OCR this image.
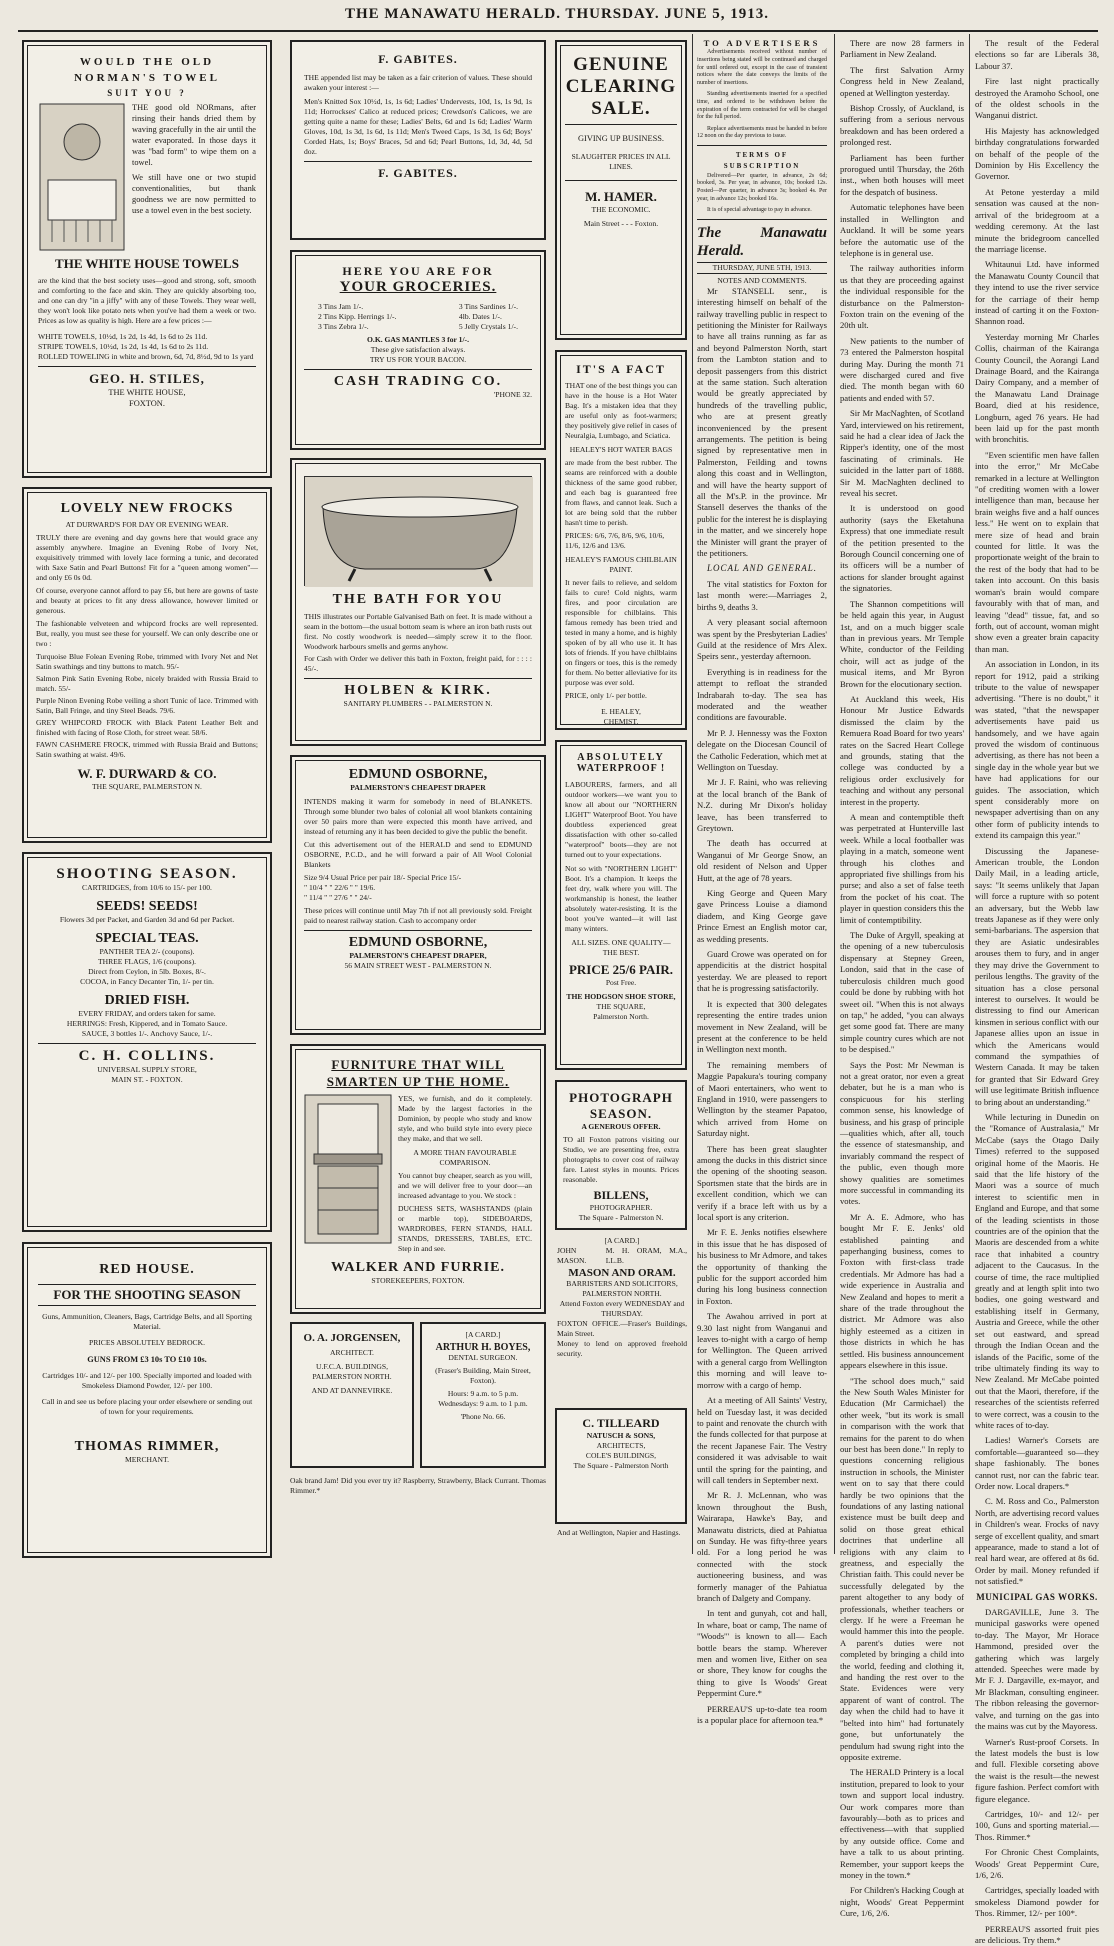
THE MANAWATU HERALD. THURSDAY. JUNE 5, 1913.
WOULD THE OLD
NORMAN'S TOWEL
SUIT YOU ?
THE good old NORmans, after rinsing their hands dried them by waving gracefully in the air until the water evaporated. In those days it was "bad form" to wipe them on a towel.
We still have one or two stupid conventionalities, but thank goodness we are now permitted to use a towel even in the best society.
THE WHITE HOUSE TOWELS
are the kind that the best society uses—good and strong, soft, smooth and comforting to the face and skin. They are quickly absorbing too, and one can dry "in a jiffy" with any of these Towels. They wear well, they won't look like potato nets when you've had them a week or two. Prices as low as quality is high. Here are a few prices :—
WHITE TOWELS, 10½d, 1s 2d, 1s 4d, 1s 6d to 2s 11d.
STRIPE TOWELS, 10½d, 1s 2d, 1s 4d, 1s 6d to 2s 11d.
ROLLED TOWELING in white and brown, 6d, 7d, 8½d, 9d to 1s yard
GEO. H. STILES,
THE WHITE HOUSE,
FOXTON.
LOVELY NEW FROCKS
AT DURWARD'S FOR DAY OR EVENING WEAR.
TRULY there are evening and day gowns here that would grace any assembly anywhere. Imagine an Evening Robe of Ivory Net, exquisitively trimmed with lovely lace forming a tunic, and decorated with Saxe Satin and Pearl Buttons! Fit for a "queen among women"—and only £6 0s 0d.
Of course, everyone cannot afford to pay £6, but here are gowns of taste and beauty at prices to fit any dress allowance, however limited or generous.
The fashionable velveteen and whipcord frocks are well represented. But, really, you must see these for yourself. We can only describe one or two :
Turquoise Blue Folean Evening Robe, trimmed with Ivory Net and Net Satin swathings and tiny buttons to match. 95/-
Salmon Pink Satin Evening Robe, nicely braided with Russia Braid to match. 55/-
Purple Ninon Evening Robe veiling a short Tunic of lace. Trimmed with Satin, Ball Fringe, and tiny Steel Beads. 79/6.
GREY WHIPCORD FROCK with Black Patent Leather Belt and finished with facing of Rose Cloth, for street wear. 58/6.
FAWN CASHMERE FROCK, trimmed with Russia Braid and Buttons; Satin swathing at waist. 49/6.
W. F. DURWARD & CO.
THE SQUARE, PALMERSTON N.
SHOOTING SEASON.
CARTRIDGES, from 10/6 to 15/- per 100.
SEEDS! SEEDS!
Flowers 3d per Packet, and Garden 3d and 6d per Packet.
SPECIAL TEAS.
PANTHER TEA 2/- (coupons).
THREE FLAGS, 1/6 (coupons).
Direct from Ceylon, in 5lb. Boxes, 8/-.
COCOA, in Fancy Decanter Tin, 1/- per tin.
DRIED FISH.
EVERY FRIDAY, and orders taken for same.
HERRINGS: Fresh, Kippered, and in Tomato Sauce.
SAUCE, 3 bottles 1/-. Anchovy Sauce, 1/-.
C. H. COLLINS.
UNIVERSAL SUPPLY STORE,
MAIN ST. - FOXTON.
RED HOUSE.
FOR THE SHOOTING SEASON
Guns, Ammunition, Cleaners, Bags, Cartridge Belts, and all Sporting Material.
PRICES ABSOLUTELY BEDROCK.
GUNS FROM £3 10s TO £10 10s.
Cartridges 10/- and 12/- per 100. Specially imported and loaded with Smokeless Diamond Powder, 12/- per 100.
Call in and see us before placing your order elsewhere or sending out of town for your requirements.
THOMAS RIMMER,
MERCHANT.
F. GABITES.
THE appended list may be taken as a fair criterion of values. These should awaken your interest :—
Men's Knitted Sox 10½d, 1s, 1s 6d; Ladies' Undervests, 10d, 1s, 1s 9d, 1s 11d; Horrockses' Calico at reduced prices; Crewdson's Calicoes, we are getting quite a name for these; Ladies' Belts, 6d and 1s 6d; Ladies' Warm Gloves, 10d, 1s 3d, 1s 6d, 1s 11d; Men's Tweed Caps, 1s 3d, 1s 6d; Boys' Corded Hats, 1s; Boys' Braces, 5d and 6d; Pearl Buttons, 1d, 3d, 4d, 5d doz.
F. GABITES.
HERE YOU ARE FOR
YOUR GROCERIES.
3 Tins Jam 1/-.
2 Tins Kipp. Herrings 1/-.
3 Tins Zebra 1/-.
3 Tins Sardines 1/-.
4lb. Dates 1/-.
5 Jelly Crystals 1/-.
O.K. GAS MANTLES 3 for 1/-.
These give satisfaction always.
TRY US FOR YOUR BACON.
CASH TRADING CO.
'PHONE 32.
THE BATH FOR YOU
THIS illustrates our Portable Galvanised Bath on feet. It is made without a seam in the bottom—the usual bottom seam is where an iron bath rusts out first. No costly woodwork is needed—simply screw it to the floor. Woodwork harbours smells and germs anyhow.
For Cash with Order we deliver this bath in Foxton, freight paid, for : : : : 45/-.
HOLBEN & KIRK.
SANITARY PLUMBERS - - PALMERSTON N.
EDMUND OSBORNE,
PALMERSTON'S CHEAPEST DRAPER
INTENDS making it warm for somebody in need of BLANKETS. Through some blunder two bales of colonial all wool blankets containing over 50 pairs more than were expected this month have arrived, and instead of returning any it has been decided to give the public the benefit.
Cut this advertisement out of the HERALD and send to EDMUND OSBORNE, P.C.D., and he will forward a pair of All Wool Colonial Blankets
Size 9/4 Usual Price per pair 18/- Special Price 15/-
" 10/4 " " 22/6 " " 19/6.
" 11/4 " " 27/6 " " 24/-
These prices will continue until May 7th if not all previously sold. Freight paid to nearest railway station. Cash to accompany order
EDMUND OSBORNE,
PALMERSTON'S CHEAPEST DRAPER,
56 MAIN STREET WEST - PALMERSTON N.
FURNITURE THAT WILL SMARTEN UP THE HOME.
YES, we furnish, and do it completely. Made by the largest factories in the Dominion, by people who study and know style, and who build style into every piece they make, and that we sell.
A MORE THAN FAVOURABLE COMPARISON.
You cannot buy cheaper, search as you will, and we will deliver free to your door—an increased advantage to you. We stock :
DUCHESS SETS, WASHSTANDS (plain or marble top), SIDEBOARDS, WARDROBES, FERN STANDS, HALL STANDS, DRESSERS, TABLES, ETC. Step in and see.
WALKER AND FURRIE.
STOREKEEPERS, FOXTON.
O. A. JORGENSEN,
ARCHITECT.
U.F.C.A. BUILDINGS, PALMERSTON NORTH.
AND AT DANNEVIRKE.
[A CARD.]
ARTHUR H. BOYES,
DENTAL SURGEON.
(Fraser's Building, Main Street, Foxton).
Hours: 9 a.m. to 5 p.m. Wednesdays: 9 a.m. to 1 p.m.
'Phone No. 66.
Oak brand Jam! Did you ever try it? Raspberry, Strawberry, Black Currant. Thomas Rimmer.*
GENUINE
CLEARING
SALE.
GIVING UP BUSINESS.
SLAUGHTER PRICES IN ALL LINES.
M. HAMER.
THE ECONOMIC.
Main Street - - - Foxton.
IT'S A FACT
THAT one of the best things you can have in the house is a Hot Water Bag. It's a mistaken idea that they are useful only as foot-warmers; they positively give relief in cases of Neuralgia, Lumbago, and Sciatica.
HEALEY'S HOT WATER BAGS
are made from the best rubber. The seams are reinforced with a double thickness of the same good rubber, and each bag is guaranteed free from flaws, and cannot leak. Such a lot are being sold that the rubber hasn't time to perish.
PRICES: 6/6, 7/6, 8/6, 9/6, 10/6, 11/6, 12/6 and 13/6.
HEALEY'S FAMOUS CHILBLAIN PAINT.
It never fails to relieve, and seldom fails to cure! Cold nights, warm fires, and poor circulation are responsible for chilblains. This famous remedy has been tried and tested in many a home, and is highly spoken of by all who use it. It has lots of friends. If you have chilblains on fingers or toes, this is the remedy for them. No better alleviative for its purpose was ever sold.
PRICE, only 1/- per bottle.
E. HEALEY,
CHEMIST.
ABSOLUTELY
WATERPROOF !
LABOURERS, farmers, and all outdoor workers—we want you to know all about our "NORTHERN LIGHT" Waterproof Boot. You have doubtless experienced great dissatisfaction with other so-called "waterproof" boots—they are not turned out to your expectations.
Not so with "NORTHERN LIGHT" Boot. It's a champion. It keeps the feet dry, walk where you will. The workmanship is honest, the leather absolutely water-resisting. It is the boot you've wanted—it will last many winters.
ALL SIZES. ONE QUALITY—THE BEST.
PRICE 25/6 PAIR.
Post Free.
THE HODGSON SHOE STORE,
THE SQUARE,
Palmerston North.
PHOTOGRAPH
SEASON.
A GENEROUS OFFER.
TO all Foxton patrons visiting our Studio, we are presenting free, extra photographs to cover cost of railway fare. Latest styles in mounts. Prices reasonable.
BILLENS,
PHOTOGRAPHER.
The Square - Palmerston N.
[A CARD.]
JOHN MASON.
M. H. ORAM, M.A., LL.B.
MASON AND ORAM.
BARRISTERS AND SOLICITORS, PALMERSTON NORTH.
Attend Foxton every WEDNESDAY and THURSDAY.
FOXTON OFFICE.—Fraser's Buildings, Main Street.
Money to lend on approved freehold security.
C. TILLEARD
NATUSCH & SONS,
ARCHITECTS,
COLE'S BUILDINGS,
The Square - Palmerston North
And at Wellington, Napier and Hastings.
TO ADVERTISERS

Advertisements received without number of insertions being stated will be continued and charged for until ordered out, except in the case of transient notices where the date conveys the limits of the number of insertions.

Standing advertisements inserted for a specified time, and ordered to be withdrawn before the expiration of the term contracted for will be charged for the full period.

Replace advertisements must be handed in before 12 noon on the day previous to issue.

TERMS OF SUBSCRIPTION

Delivered—Per quarter, in advance, 2s 6d; booked, 3s. Per year, in advance, 10s; booked 12s. Posted—Per quarter, in advance 3s; booked 4s. Per year, in advance 12s; booked 16s.

It is of special advantage to pay in advance.

The Manawatu Herald.
THURSDAY, JUNE 5TH, 1913.
NOTES AND COMMENTS.

Mr STANSELL senr., is interesting himself on behalf of the railway travelling public in respect to petitioning the Minister for Railways to have all trains running as far as and beyond Palmerston North, start from the Lambton station and to deposit passengers from this district at the same station. Such alteration would be greatly appreciated by hundreds of the travelling public, who are at present greatly inconvenienced by the present arrangements. The petition is being signed by representative men in Palmerston, Feilding and towns along this coast and in Wellington, and will have the hearty support of all the M's.P. in the province. Mr Stansell deserves the thanks of the public for the interest he is displaying in the matter, and we sincerely hope the Minister will grant the prayer of the petitioners.

LOCAL AND GENERAL.

The vital statistics for Foxton for last month were:—Marriages 2, births 9, deaths 3.

A very pleasant social afternoon was spent by the Presbyterian Ladies' Guild at the residence of Mrs Alex. Speirs senr., yesterday afternoon.

Everything is in readiness for the attempt to refloat the stranded Indrabarah to-day. The sea has moderated and the weather conditions are favourable.

Mr P. J. Hennessy was the Foxton delegate on the Diocesan Council of the Catholic Federation, which met at Wellington on Tuesday.

Mr J. F. Raini, who was relieving at the local branch of the Bank of N.Z. during Mr Dixon's holiday leave, has been transferred to Greytown.

The death has occurred at Wanganui of Mr George Snow, an old resident of Nelson and Upper Hutt, at the age of 78 years.

King George and Queen Mary gave Princess Louise a diamond diadem, and King George gave Prince Ernest an English motor car, as wedding presents.

Guard Crowe was operated on for appendicitis at the district hospital yesterday. We are pleased to report that he is progressing satisfactorily.

It is expected that 300 delegates representing the entire trades union movement in New Zealand, will be present at the conference to be held in Wellington next month.

The remaining members of Maggie Papakura's touring company of Maori entertainers, who went to England in 1910, were passengers to Wellington by the steamer Papatoo, which arrived from Home on Saturday night.

There has been great slaughter among the ducks in this district since the opening of the shooting season. Sportsmen state that the birds are in excellent condition, which we can verify if a brace left with us by a local sport is any criterion.

Mr F. E. Jenks notifies elsewhere in this issue that he has disposed of his business to Mr Admore, and takes the opportunity of thanking the public for the support accorded him during his long business connection in Foxton.

The Awahou arrived in port at 9.30 last night from Wanganui and leaves to-night with a cargo of hemp for Wellington. The Queen arrived with a general cargo from Wellington this morning and will leave to-morrow with a cargo of hemp.

At a meeting of All Saints' Vestry, held on Tuesday last, it was decided to paint and renovate the church with the funds collected for that purpose at the recent Japanese Fair. The Vestry considered it was advisable to wait until the spring for the painting, and will call tenders in September next.

Mr R. J. McLennan, who was known throughout the Bush, Wairarapa, Hawke's Bay, and Manawatu districts, died at Pahiatua on Sunday. He was fifty-three years old. For a long period he was connected with the stock auctioneering business, and was formerly manager of the Pahiatua branch of Dalgety and Company.

In tent and gunyah, cot and hall, In whare, boat or camp, The name of "Woods'" is known to all— Each bottle bears the stamp. Wherever men and women live, Either on sea or shore, They know for coughs the thing to give Is Woods' Great Peppermint Cure.*

PERREAU'S up-to-date tea room is a popular place for afternoon tea.*

There are now 28 farmers in Parliament in New Zealand.

The first Salvation Army Congress held in New Zealand, opened at Wellington yesterday.

Bishop Crossly, of Auckland, is suffering from a serious nervous breakdown and has been ordered a prolonged rest.

Parliament has been further prorogued until Thursday, the 26th inst., when both houses will meet for the despatch of business.

Automatic telephones have been installed in Wellington and Auckland. It will be some years before the automatic use of the telephone is in general use.

The railway authorities inform us that they are proceeding against the individual responsible for the disturbance on the Palmerston-Foxton train on the evening of the 20th ult.

New patients to the number of 73 entered the Palmerston hospital during May. During the month 71 were discharged cured and five died. The month began with 60 patients and ended with 57.

Sir Mr MacNaghten, of Scotland Yard, interviewed on his retirement, said he had a clear idea of Jack the Ripper's identity, one of the most fascinating of criminals. He suicided in the latter part of 1888. Sir M. MacNaghten declined to reveal his secret.

It is understood on good authority (says the Eketahuna Express) that one immediate result of the petition presented to the Borough Council concerning one of its officers will be a number of actions for slander brought against the signatories.

The Shannon competitions will be held again this year, in August 1st, and on a much bigger scale than in previous years. Mr Temple White, conductor of the Feilding choir, will act as judge of the musical items, and Mr Byron Brown for the elocutionary section.

At Auckland this week, His Honour Mr Justice Edwards dismissed the claim by the Remuera Road Board for two years' rates on the Sacred Heart College and grounds, stating that the college was conducted by a religious order exclusively for teaching and without any personal interest in the property.

A mean and contemptible theft was perpetrated at Hunterville last week. While a local footballer was playing in a match, someone went through his clothes and appropriated five shillings from his purse; and also a set of false teeth from the pocket of his coat. The player in question considers this the limit of contemptibility.

The Duke of Argyll, speaking at the opening of a new tuberculosis dispensary at Stepney Green, London, said that in the case of tuberculosis children much good could be done by rubbing with hot sweet oil. "When this is not always on tap," he added, "you can always get some good fat. There are many simple country cures which are not to be despised."

Says the Post: Mr Newman is not a great orator, nor even a great debater, but he is a man who is conspicuous for his sterling common sense, his knowledge of business, and his grasp of principle—qualities which, after all, touch the essence of statesmanship, and invariably command the respect of the public, even though more showy qualities are sometimes more successful in commanding its votes.

Mr A. E. Admore, who has bought Mr F. E. Jenks' old established painting and paperhanging business, comes to Foxton with first-class trade credentials. Mr Admore has had a wide experience in Australia and New Zealand and hopes to merit a share of the trade throughout the district. Mr Admore was also highly esteemed as a citizen in those districts in which he has settled. His business announcement appears elsewhere in this issue.

"The school does much," said the New South Wales Minister for Education (Mr Carmichael) the other week, "but its work is small in comparison with the work that remains for the parent to do when our best has been done." In reply to questions concerning religious instruction in schools, the Minister went on to say that there could hardly be two opinions that the foundations of any lasting national existence must be built deep and solid on those great ethical doctrines that underline all religions with any claim to greatness, and especially the Christian faith. This could never be successfully delegated by the parent altogether to any body of professionals, whether teachers or clergy. If he were a Freeman he would hammer this into the people. A parent's duties were not completed by bringing a child into the world, feeding and clothing it, and handing the rest over to the State. Evidences were very apparent of want of control. The day when the child had to have it "belted into him" had fortunately gone, but unfortunately the pendulum had swung right into the opposite extreme.

The HERALD Printery is a local institution, prepared to look to your town and support local industry. Our work compares more than favourably—both as to prices and effectiveness—with that supplied by any outside office. Come and have a talk to us about printing. Remember, your support keeps the money in the town.*

For Children's Hacking Cough at night, Woods' Great Peppermint Cure, 1/6, 2/6.

The result of the Federal elections so far are Liberals 38, Labour 37.

Fire last night practically destroyed the Aramoho School, one of the oldest schools in the Wanganui district.

His Majesty has acknowledged birthday congratulations forwarded on behalf of the people of the Dominion by His Excellency the Governor.

At Petone yesterday a mild sensation was caused at the non-arrival of the bridegroom at a wedding ceremony. At the last minute the bridegroom cancelled the marriage license.

Whitaunui Ltd. have informed the Manawatu County Council that they intend to use the river service for the carriage of their hemp instead of carting it on the Foxton-Shannon road.

Yesterday morning Mr Charles Collis, chairman of the Kairanga County Council, the Aorangi Land Drainage Board, and the Kairanga Dairy Company, and a member of the Manawatu Land Drainage Board, died at his residence, Longburn, aged 76 years. He had been laid up for the past month with bronchitis.

"Even scientific men have fallen into the error," Mr McCabe remarked in a lecture at Wellington "of crediting women with a lower intelligence than man, because her brain weighs five and a half ounces less." He went on to explain that mere size of head and brain counted for little. It was the proportionate weight of the brain to the rest of the body that had to be taken into account. On this basis woman's brain would compare favourably with that of man, and leaving "dead" tissue, fat, and so forth, out of account, woman might show even a greater brain capacity than man.

An association in London, in its report for 1912, paid a striking tribute to the value of newspaper advertising. "There is no doubt," it was stated, "that the newspaper advertisements have paid us handsomely, and we have again proved the wisdom of continuous advertising, as there has not been a single day in the whole year but we have had applications for our guides. The association, which spent considerably more on newspaper advertising than on any other form of publicity intends to extend its campaign this year."

Discussing the Japanese-American trouble, the London Daily Mail, in a leading article, says: "It seems unlikely that Japan will force a rupture with so potent an adversary, but the Webb law treats Japanese as if they were only semi-barbarians. The aspersion that they are Asiatic undesirables arouses them to fury, and in anger they may drive the Government to perilous lengths. The gravity of the situation has a close personal interest to ourselves. It would be distressing to find our American kinsmen in serious conflict with our Japanese allies upon an issue in which the Americans would command the sympathies of Western Canada. It may be taken for granted that Sir Edward Grey will use legitimate British influence to bring about an understanding."

While lecturing in Dunedin on the "Romance of Australasia," Mr McCabe (says the Otago Daily Times) referred to the supposed original home of the Maoris. He said that the life history of the Maori was a source of much interest to scientific men in England and Europe, and that some of the leading scientists in those countries are of the opinion that the Maoris are descended from a white race that inhabited a country adjacent to the Caucasus. In the course of time, the race multiplied greatly and at length split into two bodies, one going westward and establishing itself in Germany, Austria and Greece, while the other set out eastward, and spread through the Indian Ocean and the islands of the Pacific, some of the tribe ultimately finding its way to New Zealand. Mr McCabe pointed out that the Maori, therefore, if the researches of the scientists referred to were correct, was a cousin to the white races of to-day.

Ladies! Warner's Corsets are comfortable—guaranteed so—they shape fashionably. The bones cannot rust, nor can the fabric tear. Order now. Local drapers.*

C. M. Ross and Co., Palmerston North, are advertising record values in Children's wear. Frocks of navy serge of excellent quality, and smart appearance, made to stand a lot of real hard wear, are offered at 8s 6d. Order by mail. Money refunded if not satisfied.*

MUNICIPAL GAS WORKS.

DARGAVILLE, June 3. The municipal gasworks were opened to-day. The Mayor, Mr Horace Hammond, presided over the gathering which was largely attended. Speeches were made by Mr F. J. Dargaville, ex-mayor, and Mr Blackman, consulting engineer. The ribbon releasing the governor-valve, and turning on the gas into the mains was cut by the Mayoress.

Warner's Rust-proof Corsets. In the latest models the bust is low and full. Flexible corseting above the waist is the result—the newest figure fashion. Perfect comfort with figure elegance.

Cartridges, 10/- and 12/- per 100, Guns and sporting material.—Thos. Rimmer.*

For Chronic Chest Complaints, Woods' Great Peppermint Cure, 1/6, 2/6.

Cartridges, specially loaded with smokeless Diamond powder for Thos. Rimmer, 12/- per 100*.

PERREAU'S assorted fruit pies are delicious. Try them.*
